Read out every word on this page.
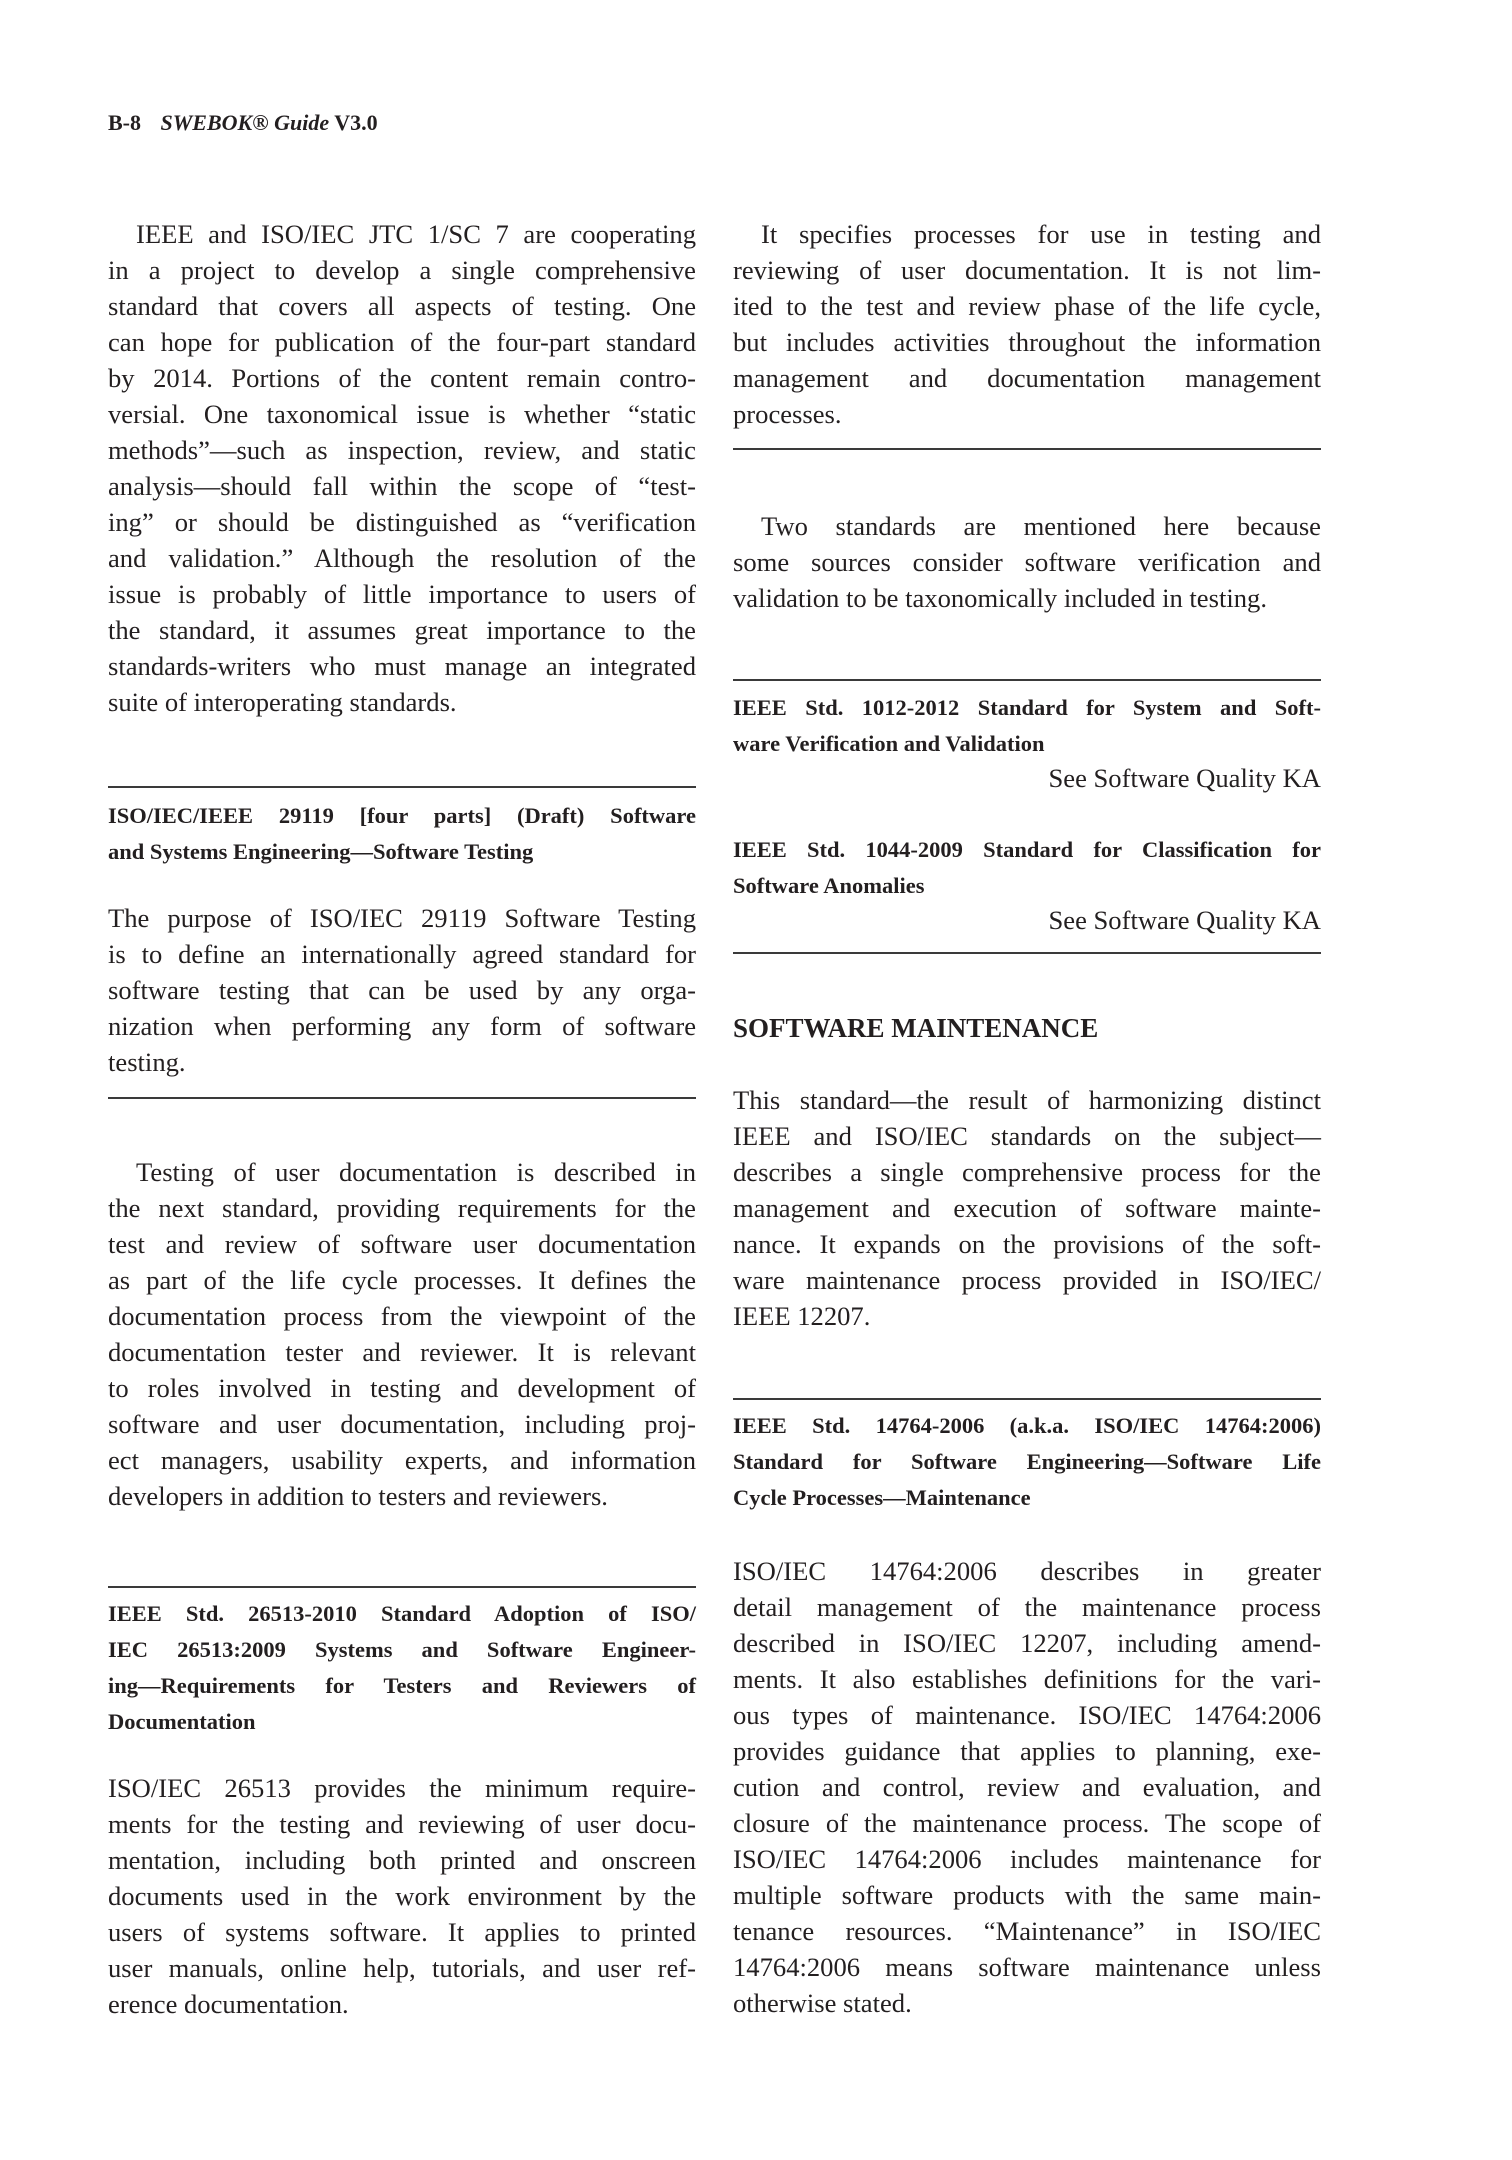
B-8 SWEBOK® Guide V3.0
IEEE and ISO/IEC JTC 1/SC 7 are cooperating
in a project to develop a single comprehensive
standard that covers all aspects of testing. One
can hope for publication of the four-part standard
by 2014. Portions of the content remain contro-
versial. One taxonomical issue is whether “static
methods”—such as inspection, review, and static
analysis—should fall within the scope of “test-
ing” or should be distinguished as “verification
and validation.” Although the resolution of the
issue is probably of little importance to users of
the standard, it assumes great importance to the
standards-writers who must manage an integrated
suite of interoperating standards.
ISO/IEC/IEEE 29119 [four parts] (Draft) Software
and Systems Engineering—Software Testing
The purpose of ISO/IEC 29119 Software Testing
is to define an internationally agreed standard for
software testing that can be used by any orga-
nization when performing any form of software
testing.
Testing of user documentation is described in
the next standard, providing requirements for the
test and review of software user documentation
as part of the life cycle processes. It defines the
documentation process from the viewpoint of the
documentation tester and reviewer. It is relevant
to roles involved in testing and development of
software and user documentation, including proj-
ect managers, usability experts, and information
developers in addition to testers and reviewers.
IEEE Std. 26513-2010 Standard Adoption of ISO/
IEC 26513:2009 Systems and Software Engineer-
ing—Requirements for Testers and Reviewers of
Documentation
ISO/IEC 26513 provides the minimum require-
ments for the testing and reviewing of user docu-
mentation, including both printed and onscreen
documents used in the work environment by the
users of systems software. It applies to printed
user manuals, online help, tutorials, and user ref-
erence documentation.
It specifies processes for use in testing and
reviewing of user documentation. It is not lim-
ited to the test and review phase of the life cycle,
but includes activities throughout the information
management and documentation management
processes.
Two standards are mentioned here because
some sources consider software verification and
validation to be taxonomically included in testing.
IEEE Std. 1012-2012 Standard for System and Soft-
ware Verification and Validation
See Software Quality KA
IEEE Std. 1044-2009 Standard for Classification for
Software Anomalies
See Software Quality KA
SOFTWARE MAINTENANCE
This standard—the result of harmonizing distinct
IEEE and ISO/IEC standards on the subject—
describes a single comprehensive process for the
management and execution of software mainte-
nance. It expands on the provisions of the soft-
ware maintenance process provided in ISO/IEC/
IEEE 12207.
IEEE Std. 14764-2006 (a.k.a. ISO/IEC 14764:2006)
Standard for Software Engineering—Software Life
Cycle Processes—Maintenance
ISO/IEC 14764:2006 describes in greater
detail management of the maintenance process
described in ISO/IEC 12207, including amend-
ments. It also establishes definitions for the vari-
ous types of maintenance. ISO/IEC 14764:2006
provides guidance that applies to planning, exe-
cution and control, review and evaluation, and
closure of the maintenance process. The scope of
ISO/IEC 14764:2006 includes maintenance for
multiple software products with the same main-
tenance resources. “Maintenance” in ISO/IEC
14764:2006 means software maintenance unless
otherwise stated.
